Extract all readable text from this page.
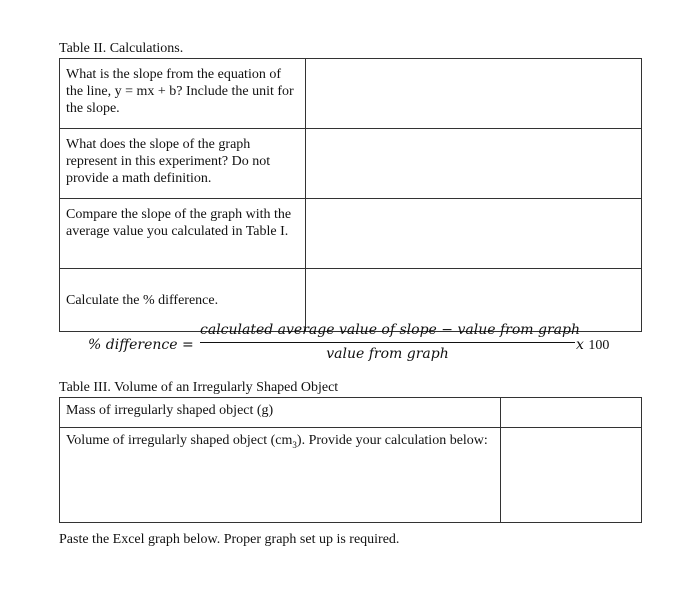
Table II. Calculations.
What is the slope from the equation of the line, y = mx + b? Include the unit for the slope.	
What does the slope of the graph represent in this experiment? Do not provide a math definition.	
Compare the slope of the graph with the average value you calculated in Table I.	
Calculate the % difference.	
% difference =
calculated average value of slope − value from graph
value from graph
x 100
Table III. Volume of an Irregularly Shaped Object
Mass of irregularly shaped object (g)	
Volume of irregularly shaped object $(cm_3)$. Provide your calculation below:	
Paste the Excel graph below. Proper graph set up is required.
